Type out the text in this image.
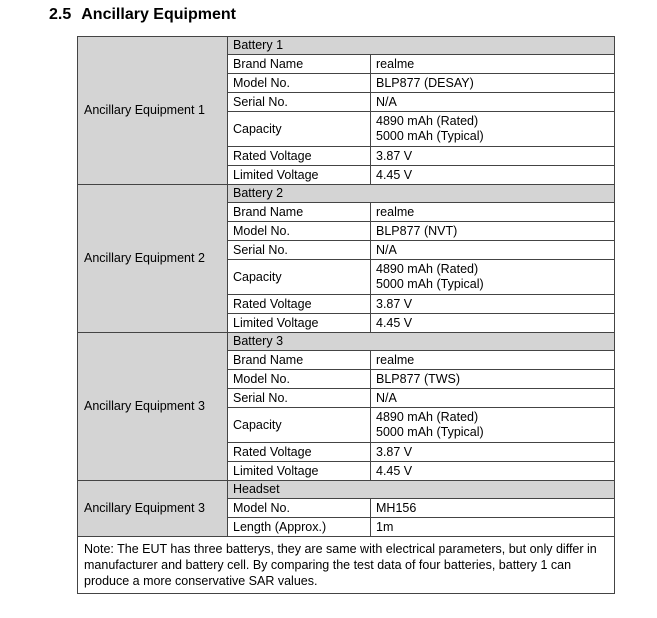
2.5 Ancillary Equipment
Ancillary Equipment 1	Battery 1	
	Brand Name	realme

	Model No.	BLP877 (DESAY)

	Serial No.	N/A

	Capacity	4890 mAh (Rated)
5000 mAh (Typical)

	Rated Voltage	3.87 V

	Limited Voltage	4.45 V

Ancillary Equipment 2	Battery 2	
	Brand Name	realme

	Model No.	BLP877 (NVT)

	Serial No.	N/A

	Capacity	4890 mAh (Rated)
5000 mAh (Typical)

	Rated Voltage	3.87 V

	Limited Voltage	4.45 V

Ancillary Equipment 3	Battery 3	
	Brand Name	realme

	Model No.	BLP877 (TWS)

	Serial No.	N/A

	Capacity	4890 mAh (Rated)
5000 mAh (Typical)

	Rated Voltage	3.87 V

	Limited Voltage	4.45 V

Ancillary Equipment 3	Headset	
	Model No.	MH156

	Length (Approx.)	1m

Note: The EUT has three batterys, they are same with electrical parameters, but only differ in manufacturer and battery cell. By comparing the test data of four batteries, battery 1 can produce a more conservative SAR values.		
